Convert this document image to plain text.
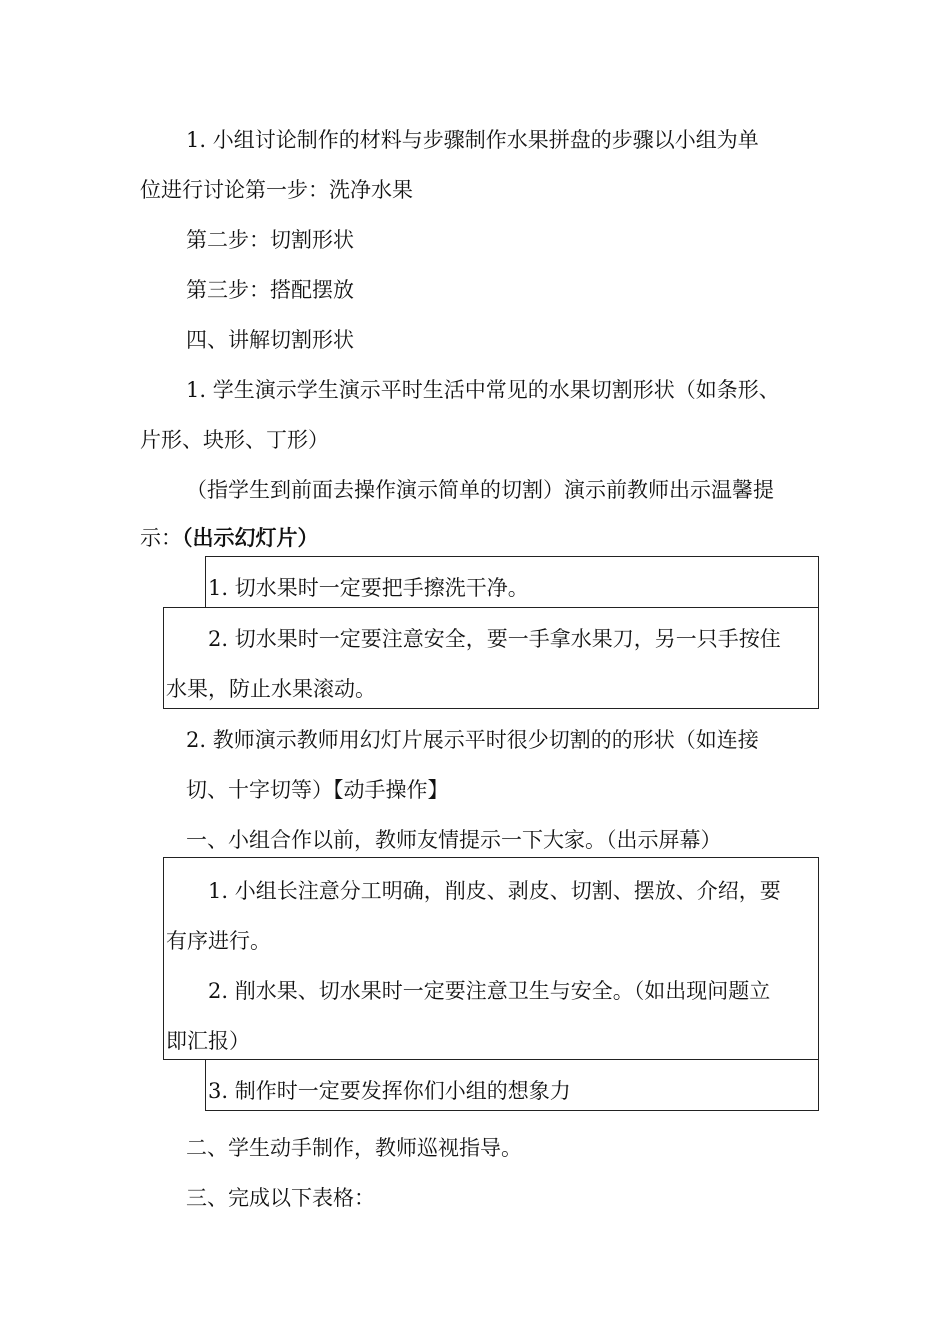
1. 小组讨论制作的材料与步骤制作水果拼盘的步骤以小组为单

位进行讨论第一步：洗净水果

第二步：切割形状

第三步：搭配摆放

四、讲解切割形状

1. 学生演示学生演示平时生活中常见的水果切割形状（如条形、

片形、块形、丁形）

（指学生到前面去操作演示简单的切割）演示前教师出示温馨提

示：（出示幻灯片）

1. 切水果时一定要把手擦洗干净。

2. 切水果时一定要注意安全，要一手拿水果刀，另一只手按住

水果，防止水果滚动。

2. 教师演示教师用幻灯片展示平时很少切割的的形状（如连接

切、十字切等）【动手操作】

一、小组合作以前，教师友情提示一下大家。（出示屏幕）

1. 小组长注意分工明确，削皮、剥皮、切割、摆放、介绍，要

有序进行。

2. 削水果、切水果时一定要注意卫生与安全。（如出现问题立

即汇报）

3. 制作时一定要发挥你们小组的想象力

二、学生动手制作，教师巡视指导。

三、完成以下表格：
